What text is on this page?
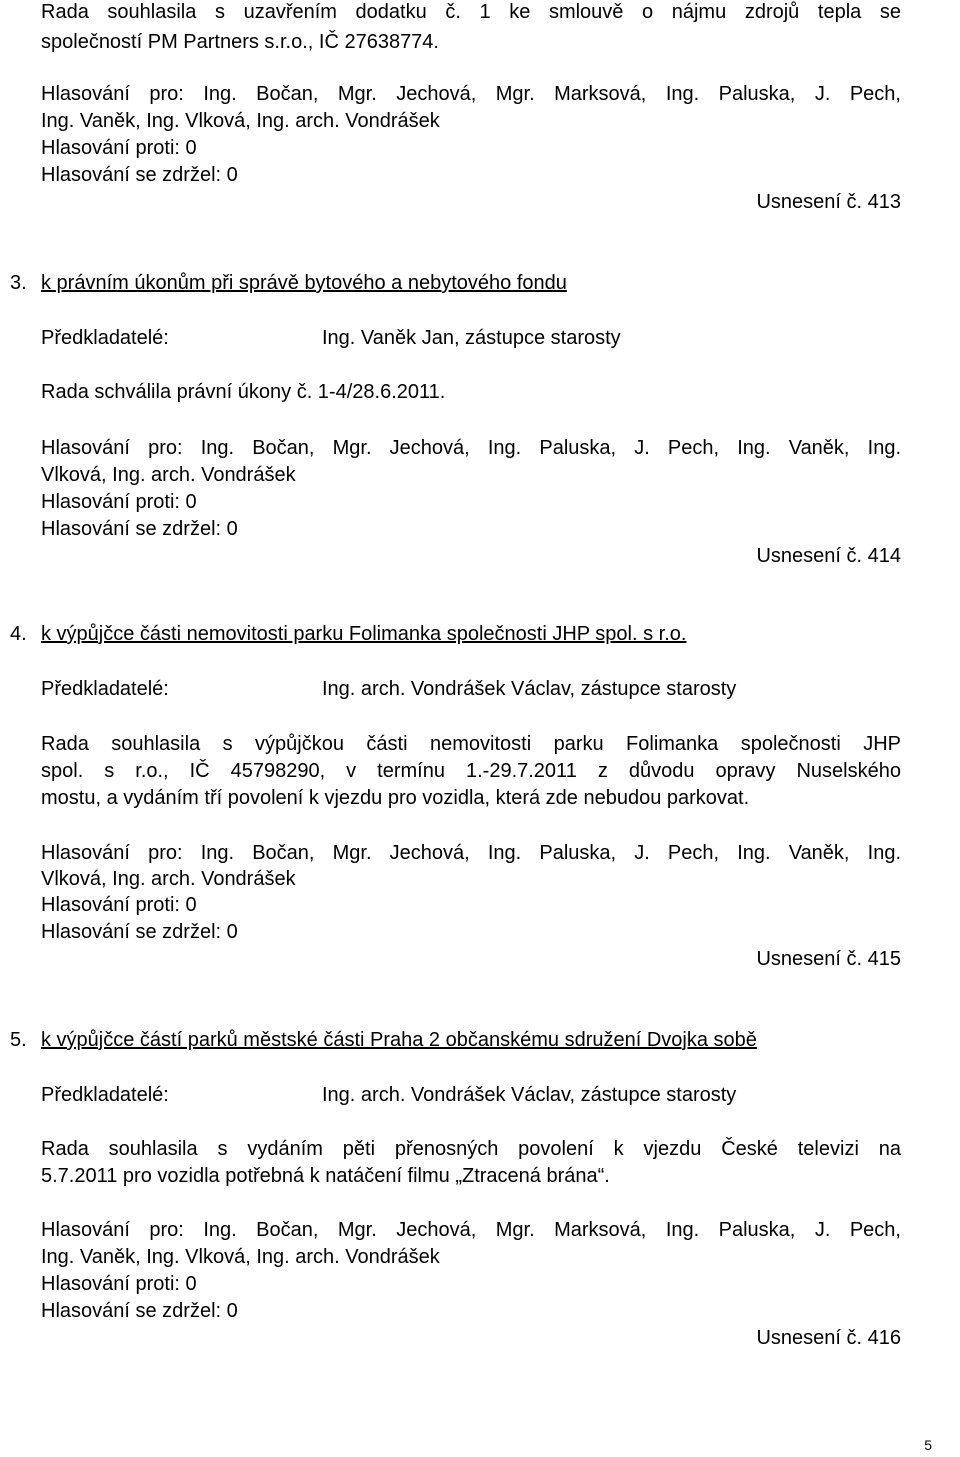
Rada souhlasila s uzavřením dodatku č. 1 ke smlouvě o nájmu zdrojů tepla se
společností PM Partners s.r.o., IČ 27638774.
Hlasování pro: Ing. Bočan, Mgr. Jechová, Mgr. Marksová, Ing. Paluska, J. Pech,
Ing. Vaněk, Ing. Vlková, Ing. arch. Vondrášek
Hlasování proti: 0
Hlasování se zdržel: 0
Usnesení č. 413
3. k právním úkonům při správě bytového a nebytového fondu
Předkladatelé:	Ing. Vaněk Jan, zástupce starosty
Rada schválila právní úkony č. 1-4/28.6.2011.
Hlasování pro: Ing. Bočan, Mgr. Jechová, Ing. Paluska, J. Pech, Ing. Vaněk, Ing.
Vlková, Ing. arch. Vondrášek
Hlasování proti: 0
Hlasování se zdržel: 0
Usnesení č. 414
4. k výpůjčce části nemovitosti parku Folimanka společnosti JHP spol. s r.o.
Předkladatelé:	Ing. arch. Vondrášek Václav, zástupce starosty
Rada souhlasila s výpůjčkou části nemovitosti parku Folimanka společnosti JHP
spol. s r.o., IČ 45798290, v termínu 1.-29.7.2011 z důvodu opravy Nuselského
mostu, a vydáním tří povolení k vjezdu pro vozidla, která zde nebudou parkovat.
Hlasování pro: Ing. Bočan, Mgr. Jechová, Ing. Paluska, J. Pech, Ing. Vaněk, Ing.
Vlková, Ing. arch. Vondrášek
Hlasování proti: 0
Hlasování se zdržel: 0
Usnesení č. 415
5. k výpůjčce částí parků městské části Praha 2 občanskému sdružení Dvojka sobě
Předkladatelé:	Ing. arch. Vondrášek Václav, zástupce starosty
Rada souhlasila s vydáním pěti přenosných povolení k vjezdu České televizi na
5.7.2011 pro vozidla potřebná k natáčení filmu „Ztracená brána“.
Hlasování pro: Ing. Bočan, Mgr. Jechová, Mgr. Marksová, Ing. Paluska, J. Pech,
Ing. Vaněk, Ing. Vlková, Ing. arch. Vondrášek
Hlasování proti: 0
Hlasování se zdržel: 0
Usnesení č. 416
5
